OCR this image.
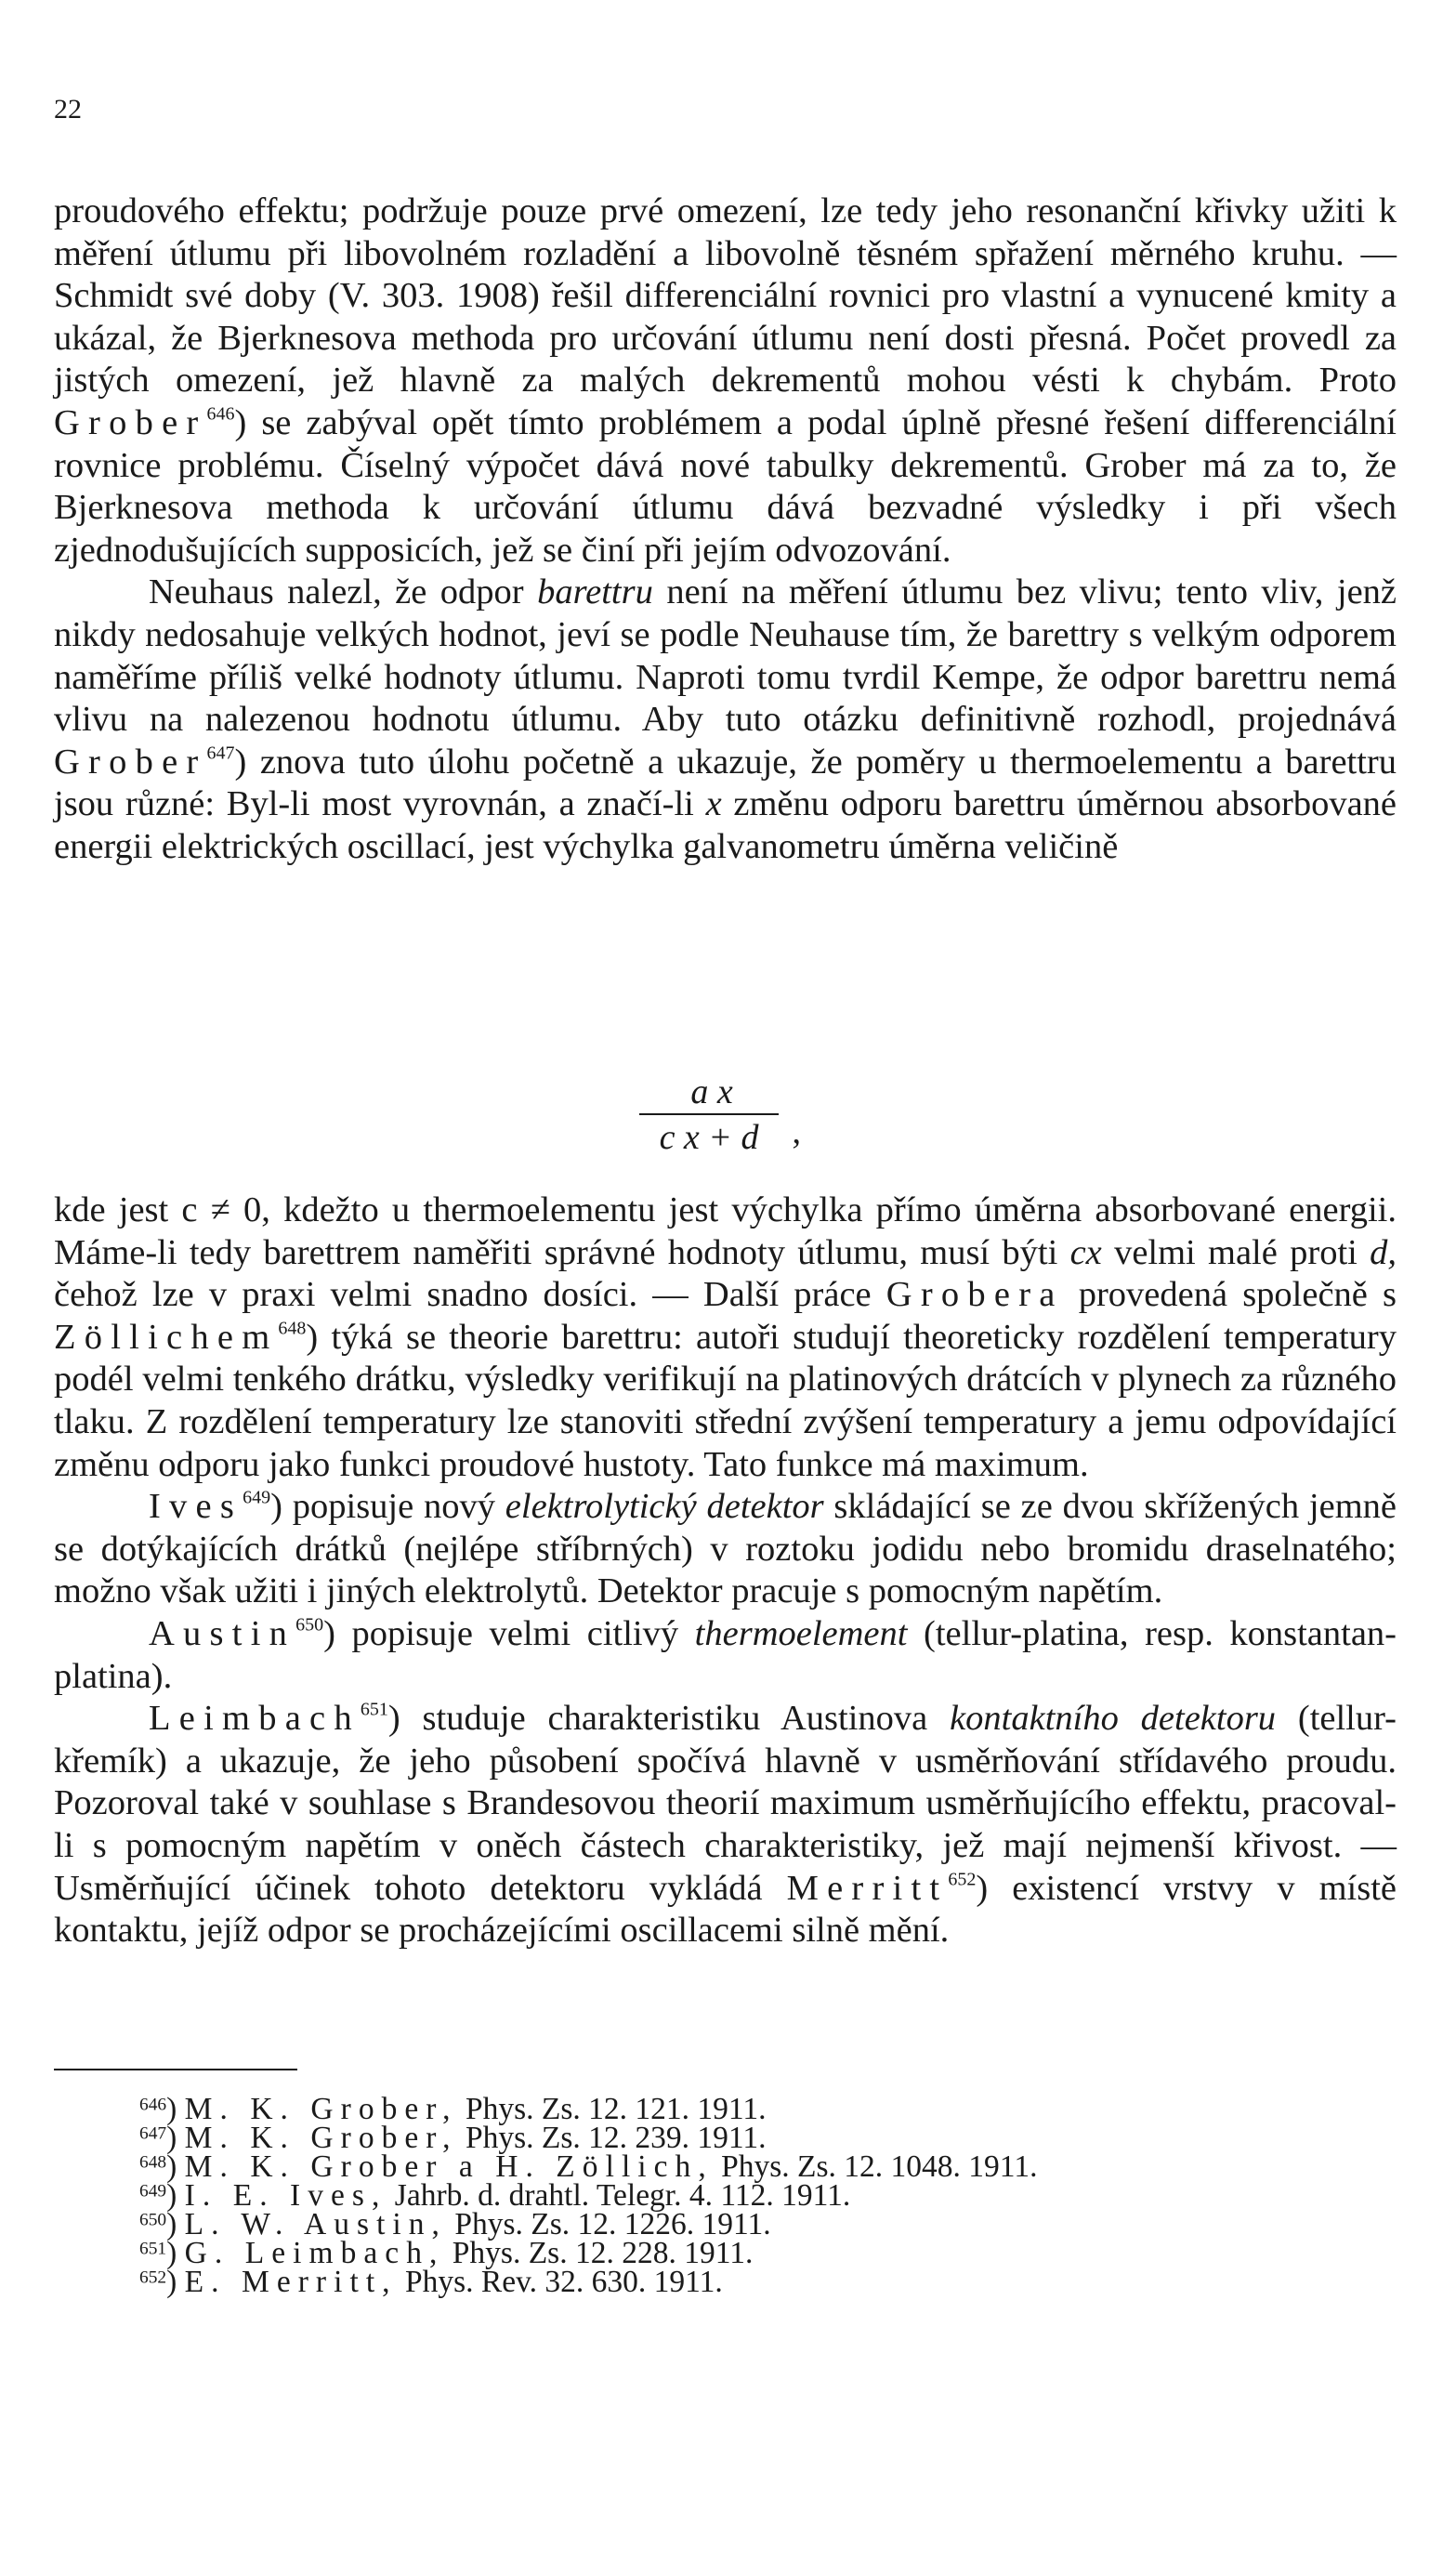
22

proudového effektu; podržuje pouze prvé omezení, lze tedy jeho resonanční křivky užiti k měření útlumu při libovolném rozladění a libovolně těsném spřažení měrného kruhu. — Schmidt své doby (V. 303. 1908) řešil differenciální rovnici pro vlastní a vynucené kmity a ukázal, že Bjerknesova methoda pro určování útlumu není dosti přesná. Počet provedl za jistých omezení, jež hlavně za malých dekrementů mohou vésti k chybám. Proto Grober$^{646}$) se zabýval opět tímto problémem a podal úplně přesné řešení differenciální rovnice problému. Číselný výpočet dává nové tabulky dekrementů. Grober má za to, že Bjerknesova methoda k určování útlumu dává bezvadné výsledky i při všech zjednodušujících supposicích, jež se činí při jejím odvozování.

Neuhaus nalezl, že odpor barettru není na měření útlumu bez vlivu; tento vliv, jenž nikdy nedosahuje velkých hodnot, jeví se podle Neuhause tím, že barettry s velkým odporem naměříme příliš velké hodnoty útlumu. Naproti tomu tvrdil Kempe, že odpor barettru nemá vlivu na nalezenou hodnotu útlumu. Aby tuto otázku definitivně rozhodl, projednává Grober$^{647}$) znova tuto úlohu početně a ukazuje, že poměry u thermoelementu a barettru jsou různé: Byl-li most vyrovnán, a značí-li x změnu odporu barettru úměrnou absorbované energii elektrických oscillací, jest výchylka galvanometru úměrna veličině

a x
c x + d ,

kde jest c ≠ 0, kdežto u thermoelementu jest výchylka přímo úměrna absorbované energii. Máme-li tedy barettrem naměřiti správné hodnoty útlumu, musí býti cx velmi malé proti d, čehož lze v praxi velmi snadno dosíci. — Další práce Grobera provedená společně s Zöllichem$^{648}$) týká se theorie barettru: autoři studují theoreticky rozdělení temperatury podél velmi tenkého drátku, výsledky verifikují na platinových drátcích v plynech za různého tlaku. Z rozdělení temperatury lze stanoviti střední zvýšení temperatury a jemu odpovídající změnu odporu jako funkci proudové hustoty. Tato funkce má maximum.

Ives$^{649}$) popisuje nový elektrolytický detektor skládající se ze dvou skřížených jemně se dotýkajících drátků (nejlépe stříbrných) v roztoku jodidu nebo bromidu draselnatého; možno však užiti i jiných elektrolytů. Detektor pracuje s pomocným napětím.

Austin$^{650}$) popisuje velmi citlivý thermoelement (tellur-platina, resp. konstantan-platina).

Leimbach$^{651}$) studuje charakteristiku Austinova kontaktního detektoru (tellur-křemík) a ukazuje, že jeho působení spočívá hlavně v usměrňování střídavého proudu. Pozoroval také v souhlase s Brandesovou theorií maximum usměrňujícího effektu, pracoval-li s pomocným napětím v oněch částech charakteristiky, jež mají nejmenší křivost. — Usměrňující účinek tohoto detektoru vykládá Merritt$^{652}$) existencí vrstvy v místě kontaktu, jejíž odpor se procházejícími oscillacemi silně mění.

$^{646}$) M. K. Grober, Phys. Zs. 12. 121. 1911.
$^{647}$) M. K. Grober, Phys. Zs. 12. 239. 1911.
$^{648}$) M. K. Grober a H. Zöllich, Phys. Zs. 12. 1048. 1911.
$^{649}$) I. E. Ives, Jahrb. d. drahtl. Telegr. 4. 112. 1911.
$^{650}$) L. W. Austin, Phys. Zs. 12. 1226. 1911.
$^{651}$) G. Leimbach, Phys. Zs. 12. 228. 1911.
$^{652}$) E. Merritt, Phys. Rev. 32. 630. 1911.
